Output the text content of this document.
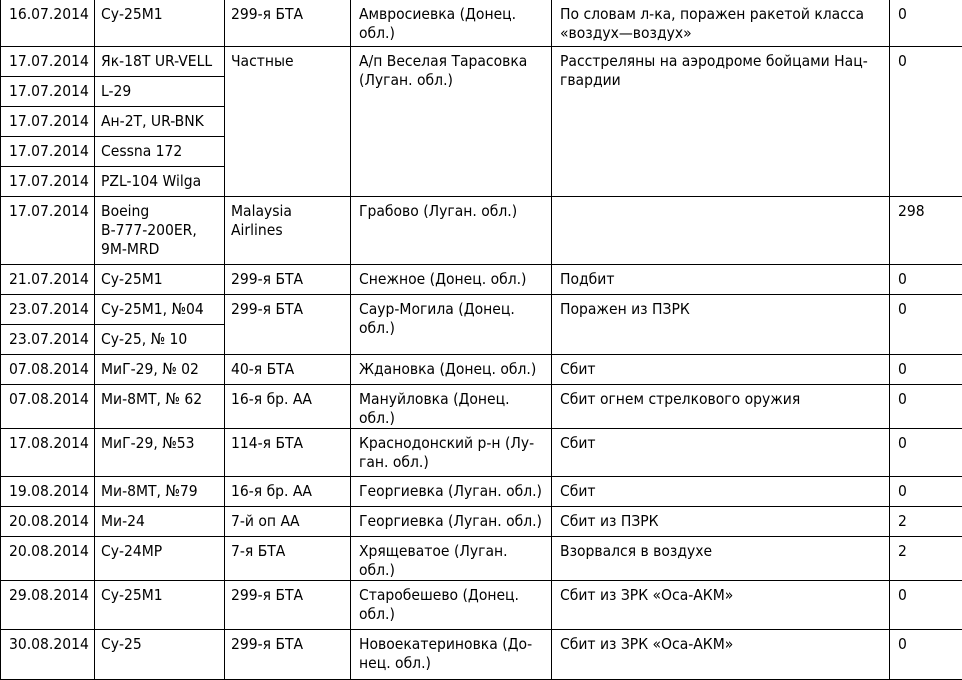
16.07.2014	Су-25М1	299-я БТА	Амвросиевка (Донец.
обл.)	По словам л-ка, поражен ракетой класса
«воздух—воздух»	0
17.07.2014	Як-18Т UR-VELL	Частные	А/п Веселая Тарасовка
(Луган. обл.)	Расстреляны на аэродроме бойцами Нац-
гвардии	0
17.07.2014	L-29				
17.07.2014	Ан-2Т, UR-BNK				
17.07.2014	Cessna 172				
17.07.2014	PZL-104 Wilga				
17.07.2014	Boeing
B-777-200ER,
9M-MRD	Malaysia
Airlines	Грабово (Луган. обл.)		298
21.07.2014	Су-25М1	299-я БТА	Снежное (Донец. обл.)	Подбит	0
23.07.2014	Су-25М1, №04	299-я БТА	Саур-Могила (Донец.
обл.)	Поражен из ПЗРК	0
23.07.2014	Су-25, № 10				
07.08.2014	МиГ-29, № 02	40-я БТА	Ждановка (Донец. обл.)	Сбит	0
07.08.2014	Ми-8МТ, № 62	16-я бр. АА	Мануйловка (Донец. обл.)	Сбит огнем стрелкового оружия	0
17.08.2014	МиГ-29, №53	114-я БТА	Краснодонский р-н (Лу-
ган. обл.)	Сбит	0
19.08.2014	Ми-8МТ, №79	16-я бр. АА	Георгиевка (Луган. обл.)	Сбит	0
20.08.2014	Ми-24	7-й оп АА	Георгиевка (Луган. обл.)	Сбит из ПЗРК	2
20.08.2014	Су-24МР	7-я БТА	Хрящеватое (Луган. обл.)	Взорвался в воздухе	2
29.08.2014	Су-25М1	299-я БТА	Старобешево (Донец.
обл.)	Сбит из ЗРК «Оса-АКМ»	0
30.08.2014	Су-25	299-я БТА	Новоекатериновка (До-
нец. обл.)	Сбит из ЗРК «Оса-АКМ»	0
